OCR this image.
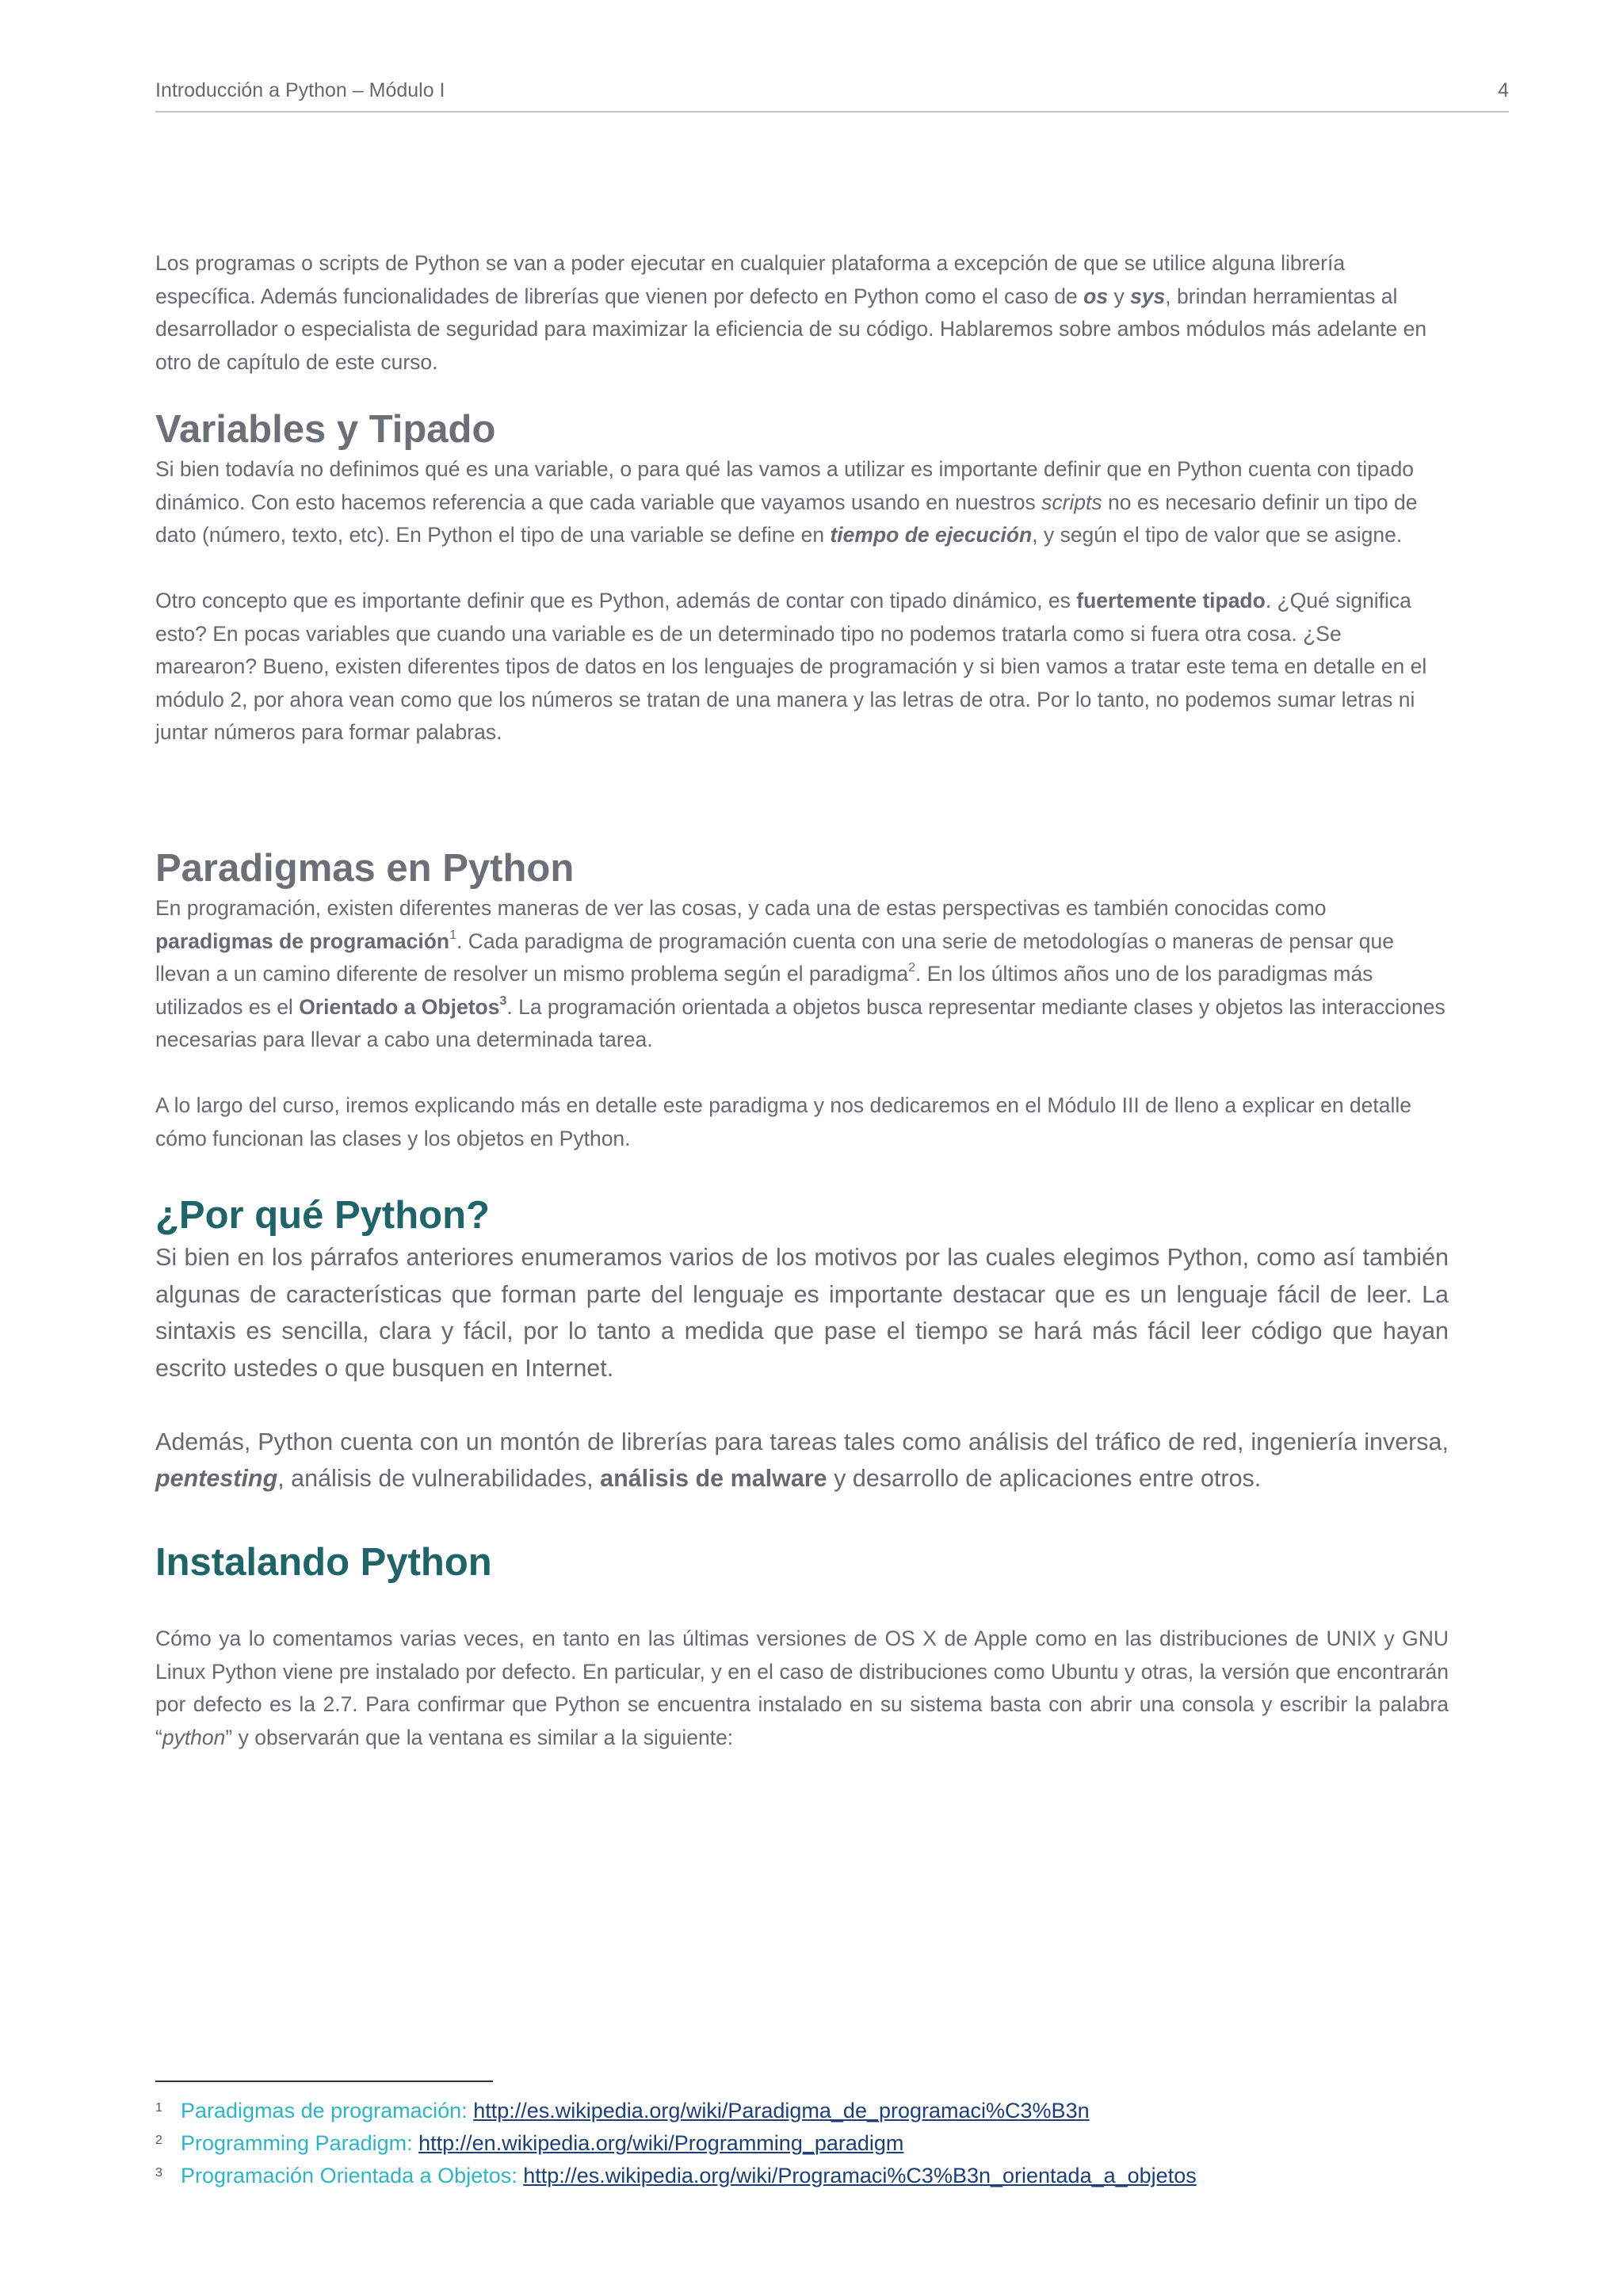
Introducción a Python – Módulo I	4

Los programas o scripts de Python se van a poder ejecutar en cualquier plataforma a excepción de que se utilice alguna librería específica. Además funcionalidades de librerías que vienen por defecto en Python como el caso de os y sys, brindan herramientas al desarrollador o especialista de seguridad para maximizar la eficiencia de su código. Hablaremos sobre ambos módulos más adelante en otro de capítulo de este curso.

Variables y Tipado

Si bien todavía no definimos qué es una variable, o para qué las vamos a utilizar es importante definir que en Python cuenta con tipado dinámico. Con esto hacemos referencia a que cada variable que vayamos usando en nuestros scripts no es necesario definir un tipo de dato (número, texto, etc). En Python el tipo de una variable se define en tiempo de ejecución, y según el tipo de valor que se asigne.

Otro concepto que es importante definir que es Python, además de contar con tipado dinámico, es fuertemente tipado. ¿Qué significa esto? En pocas variables que cuando una variable es de un determinado tipo no podemos tratarla como si fuera otra cosa. ¿Se marearon? Bueno, existen diferentes tipos de datos en los lenguajes de programación y si bien vamos a tratar este tema en detalle en el módulo 2, por ahora vean como que los números se tratan de una manera y las letras de otra. Por lo tanto, no podemos sumar letras ni juntar números para formar palabras.

Paradigmas en Python

En programación, existen diferentes maneras de ver las cosas, y cada una de estas perspectivas es también conocidas como paradigmas de programación$^1$. Cada paradigma de programación cuenta con una serie de metodologías o maneras de pensar que llevan a un camino diferente de resolver un mismo problema según el paradigma$^2$. En los últimos años uno de los paradigmas más utilizados es el Orientado a Objetos$^3$. La programación orientada a objetos busca representar mediante clases y objetos las interacciones necesarias para llevar a cabo una determinada tarea.

A lo largo del curso, iremos explicando más en detalle este paradigma y nos dedicaremos en el Módulo III de lleno a explicar en detalle cómo funcionan las clases y los objetos en Python.

¿Por qué Python?

Si bien en los párrafos anteriores enumeramos varios de los motivos por las cuales elegimos Python, como así también algunas de características que forman parte del lenguaje es importante destacar que es un lenguaje fácil de leer. La sintaxis es sencilla, clara y fácil, por lo tanto a medida que pase el tiempo se hará más fácil leer código que hayan escrito ustedes o que busquen en Internet.

Además, Python cuenta con un montón de librerías para tareas tales como análisis del tráfico de red, ingeniería inversa, pentesting, análisis de vulnerabilidades, análisis de malware y desarrollo de aplicaciones entre otros.

Instalando Python

Cómo ya lo comentamos varias veces, en tanto en las últimas versiones de OS X de Apple como en las distribuciones de UNIX y GNU Linux Python viene pre instalado por defecto. En particular, y en el caso de distribuciones como Ubuntu y otras, la versión que encontrarán por defecto es la 2.7. Para confirmar que Python se encuentra instalado en su sistema basta con abrir una consola y escribir la palabra “python” y observarán que la ventana es similar a la siguiente:

1 Paradigmas de programación: http://es.wikipedia.org/wiki/Paradigma_de_programaci%C3%B3n
2 Programming Paradigm: http://en.wikipedia.org/wiki/Programming_paradigm
3 Programación Orientada a Objetos: http://es.wikipedia.org/wiki/Programaci%C3%B3n_orientada_a_objetos
